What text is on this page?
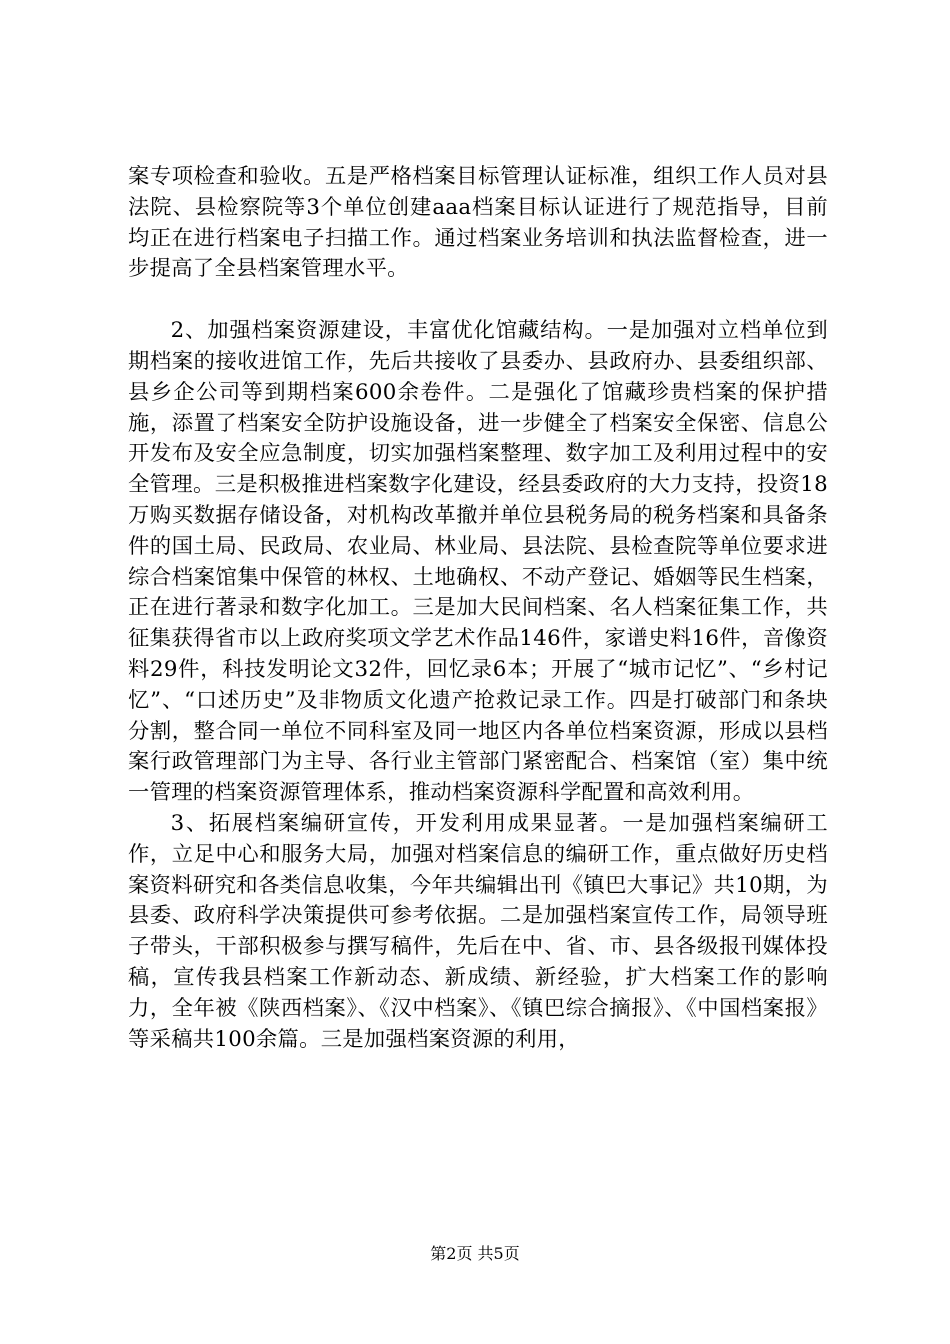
案专项检查和验收。五是严格档案目标管理认证标准，组织工作人员对县法院、县检察院等3个单位创建aaa档案目标认证进行了规范指导，目前均正在进行档案电子扫描工作。通过档案业务培训和执法监督检查，进一步提高了全县档案管理水平。

2、加强档案资源建设，丰富优化馆藏结构。一是加强对立档单位到期档案的接收进馆工作，先后共接收了县委办、县政府办、县委组织部、县乡企公司等到期档案600余卷件。二是强化了馆藏珍贵档案的保护措施，添置了档案安全防护设施设备，进一步健全了档案安全保密、信息公开发布及安全应急制度，切实加强档案整理、数字加工及利用过程中的安全管理。三是积极推进档案数字化建设，经县委政府的大力支持，投资18万购买数据存储设备，对机构改革撤并单位县税务局的税务档案和具备条件的国土局、民政局、农业局、林业局、县法院、县检查院等单位要求进综合档案馆集中保管的林权、土地确权、不动产登记、婚姻等民生档案，正在进行著录和数字化加工。三是加大民间档案、名人档案征集工作，共征集获得省市以上政府奖项文学艺术作品146件，家谱史料16件，音像资料29件，科技发明论文32件，回忆录6本；开展了“城市记忆”、“乡村记忆”、“口述历史”及非物质文化遗产抢救记录工作。四是打破部门和条块分割，整合同一单位不同科室及同一地区内各单位档案资源，形成以县档案行政管理部门为主导、各行业主管部门紧密配合、档案馆（室）集中统一管理的档案资源管理体系，推动档案资源科学配置和高效利用。

3、拓展档案编研宣传，开发利用成果显著。一是加强档案编研工作，立足中心和服务大局，加强对档案信息的编研工作，重点做好历史档案资料研究和各类信息收集，今年共编辑出刊《镇巴大事记》共10期，为县委、政府科学决策提供可参考依据。二是加强档案宣传工作，局领导班子带头，干部积极参与撰写稿件，先后在中、省、市、县各级报刊媒体投稿，宣传我县档案工作新动态、新成绩、新经验，扩大档案工作的影响力，全年被《陕西档案》、《汉中档案》、《镇巴综合摘报》、《中国档案报》等采稿共100余篇。三是加强档案资源的利用，

第2页 共5页
